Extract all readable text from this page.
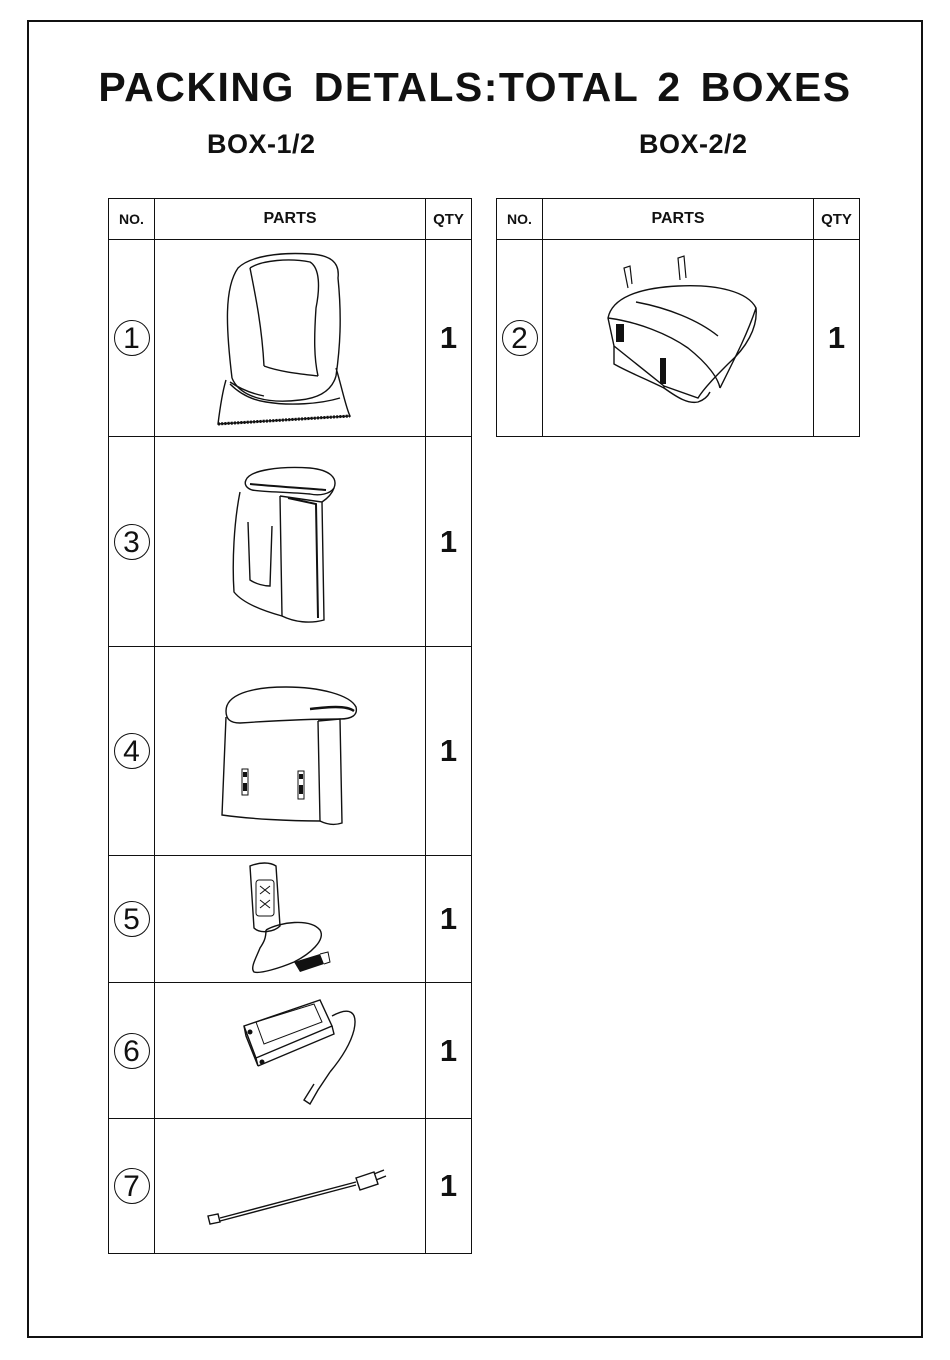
PACKING DETALS:TOTAL 2 BOXES
BOX-1/2	BOX-2/2
NO.	PARTS	QTY
1		1
3		1
4		1
5		1
6		1
7		1
NO.	PARTS	QTY
2		1
